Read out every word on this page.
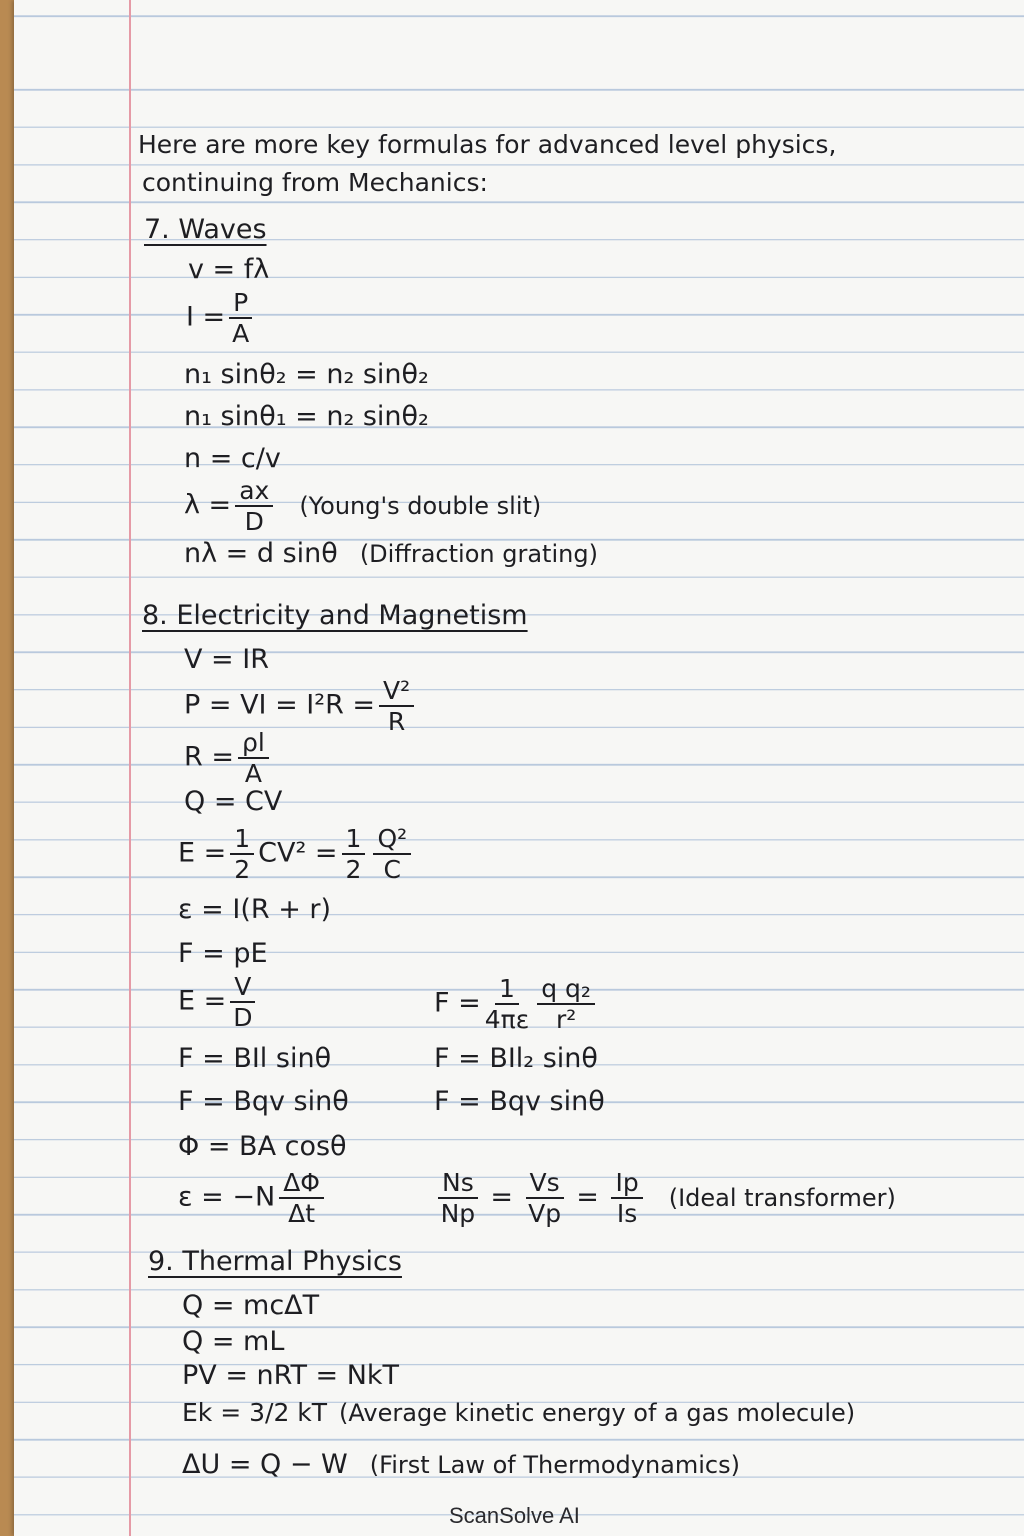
Here are more key formulas for advanced level physics,
continuing from Mechanics:
7. Waves
v = fλ
$I = \frac{P}{A}$
n₁ sinθ₂ = n₂ sinθ₂
n₁ sinθ₁ = n₂ sinθ₂
n = c/v
$\lambda = \frac{ax}{D}$ (Young's double slit)
nλ = d sinθ (Diffraction grating)
8. Electricity and Magnetism
V = IR
P = VI = $I^2R = \frac{\text{V²}}{R}$
$R = \frac{\rho l}{A}$
Q = CV
$E = \frac{1}{2} CV^2 = \frac{1}{2} \frac{\text{Q²}}{C}$
ε = I(R + r)
F = pE
$E = \frac{V}{D}$	$F = \frac{1}{4\pi\varepsilon} \frac{\text{q q₂}}{\text{r²}}$
F = BIl sinθ	F = BIl₂ sinθ
F = Bqv sinθ	F = Bqv sinθ
Φ = BA cosθ
$\varepsilon = -N \frac{\Delta\Phi}{\Delta t}$	$\frac{Ns}{Np} = \frac{Vs}{Vp} = \frac{Ip}{Is}$ (Ideal transformer)
9. Thermal Physics
Q = mcΔT
Q = mL
PV = nRT = NkT
Ek = 3/2 kT (Average kinetic energy of a gas molecule)
ΔU = Q − W (First Law of Thermodynamics)
ScanSolve AI
